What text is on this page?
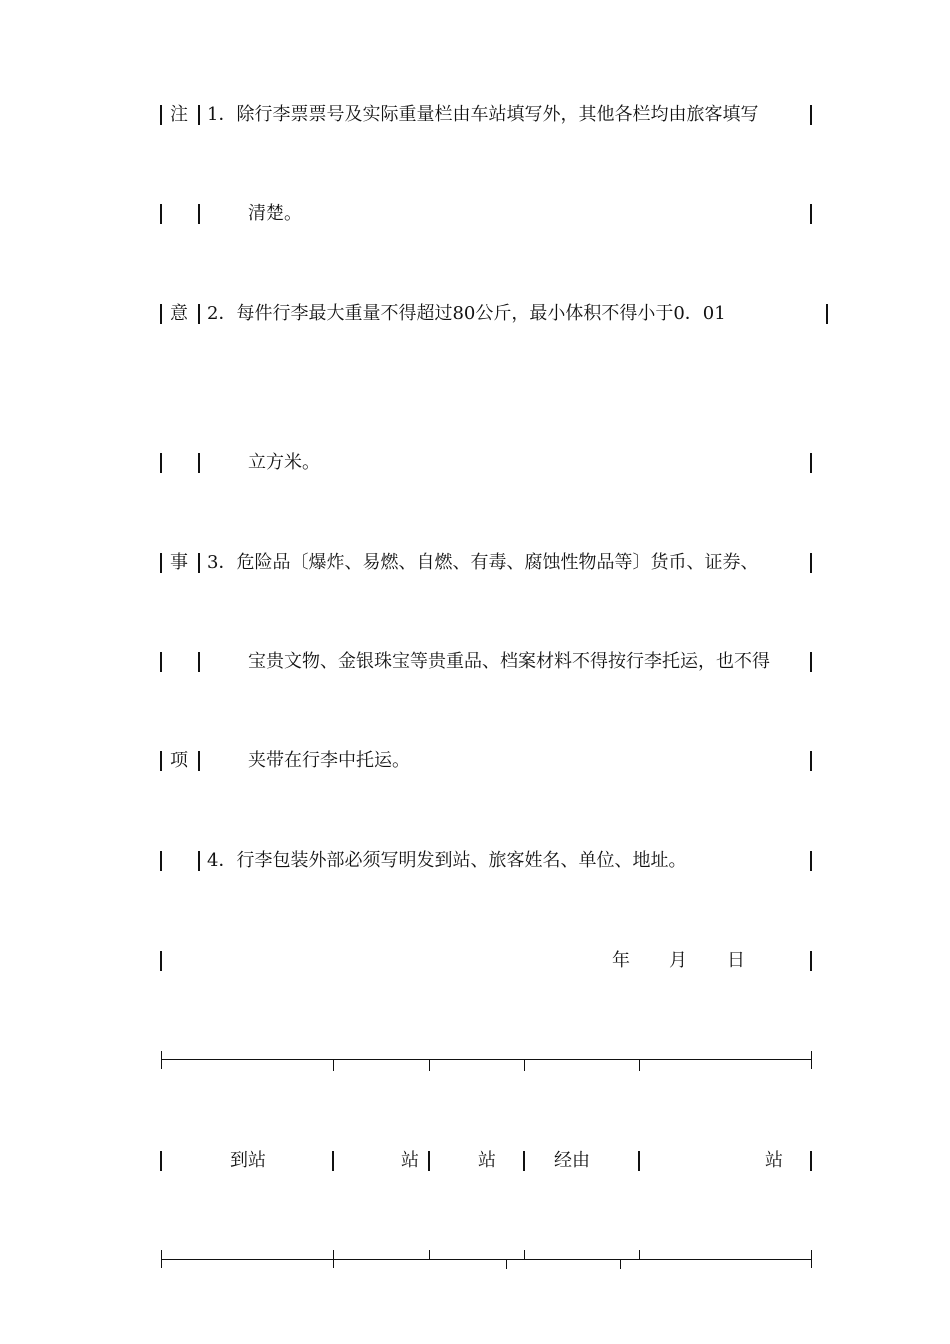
注 1．除行李票票号及实际重量栏由车站填写外，其他各栏均由旅客填写
清楚。
意 2．每件行李最大重量不得超过80公斤，最小体积不得小于0．01
立方米。
事 3．危险品〔爆炸、易燃、自燃、有毒、腐蚀性物品等〕货币、证券、
宝贵文物、金银珠宝等贵重品、档案材料不得按行李托运，也不得
项	夹带在行李中托运。
4．行李包装外部必须写明发到站、旅客姓名、单位、地址。
年 月 日
到站	站	站	经由	站
